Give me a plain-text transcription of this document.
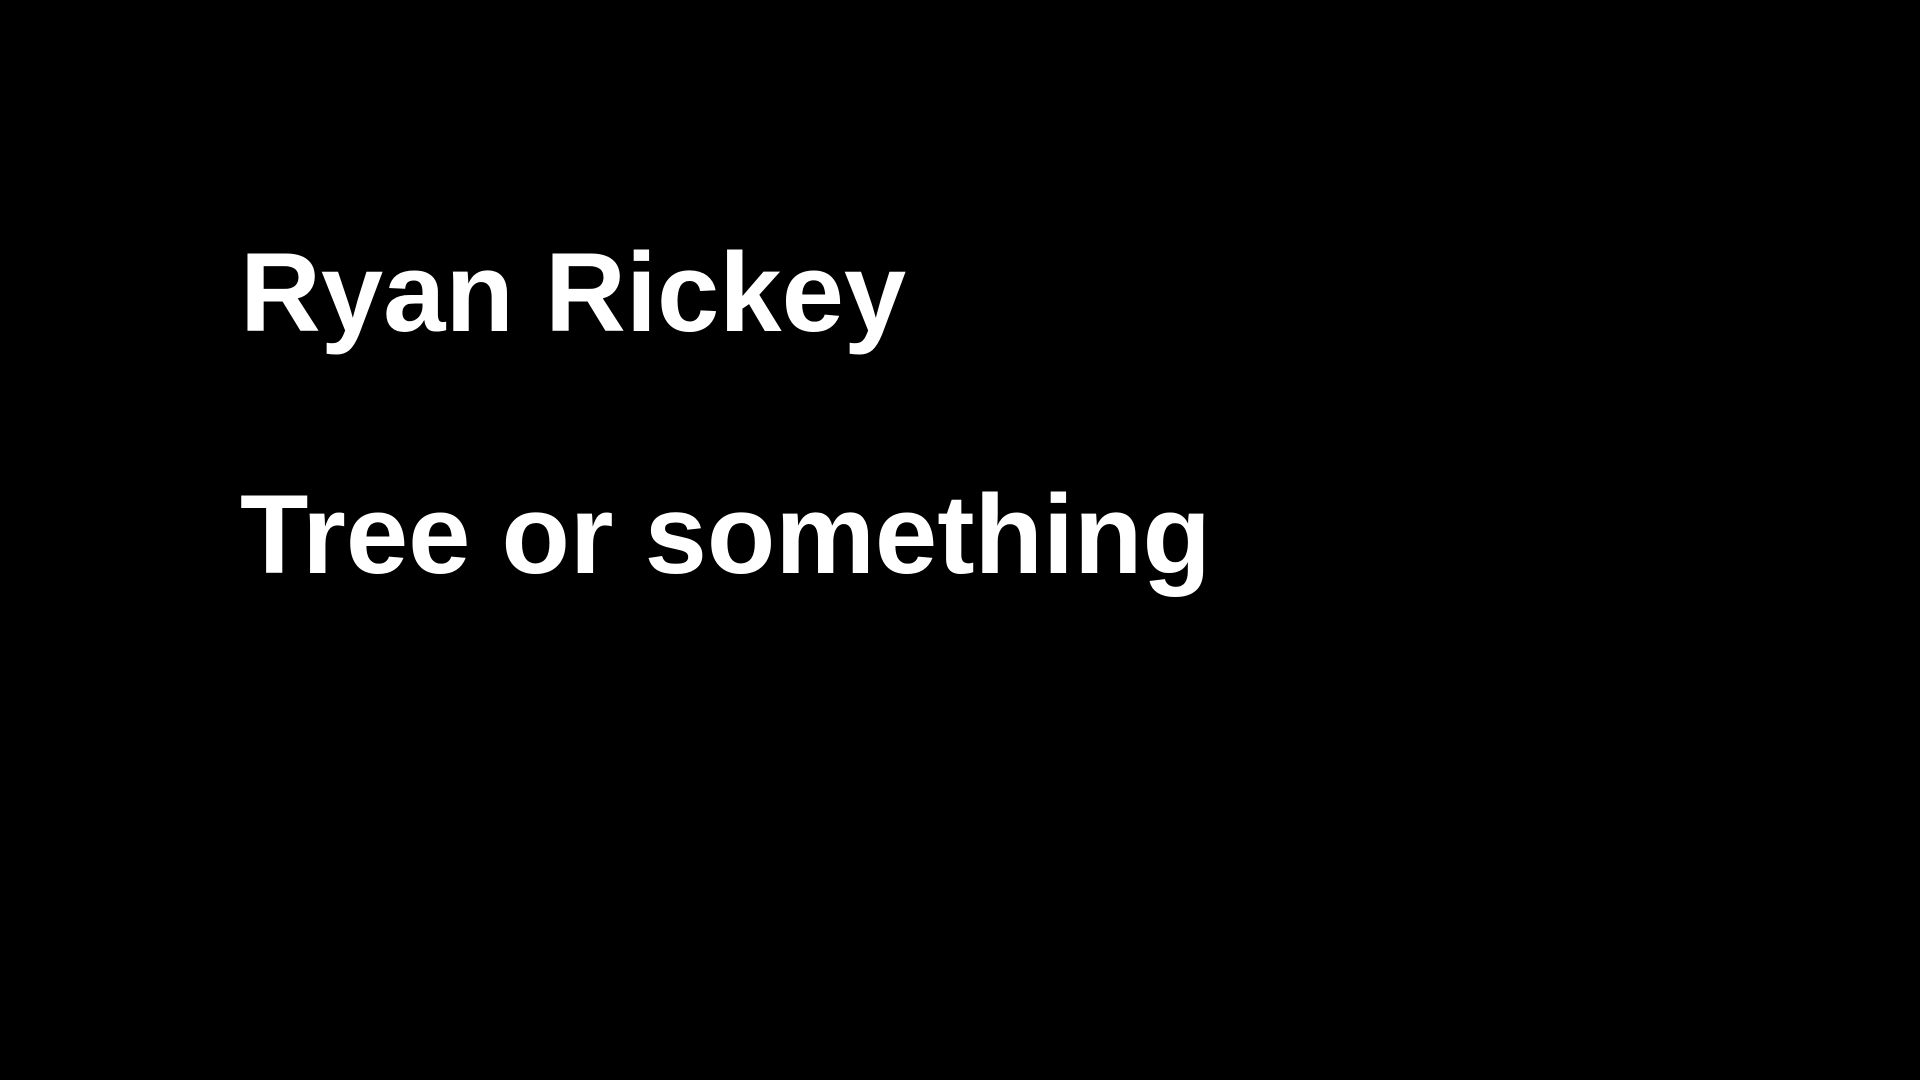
Ryan Rickey

Tree or something
